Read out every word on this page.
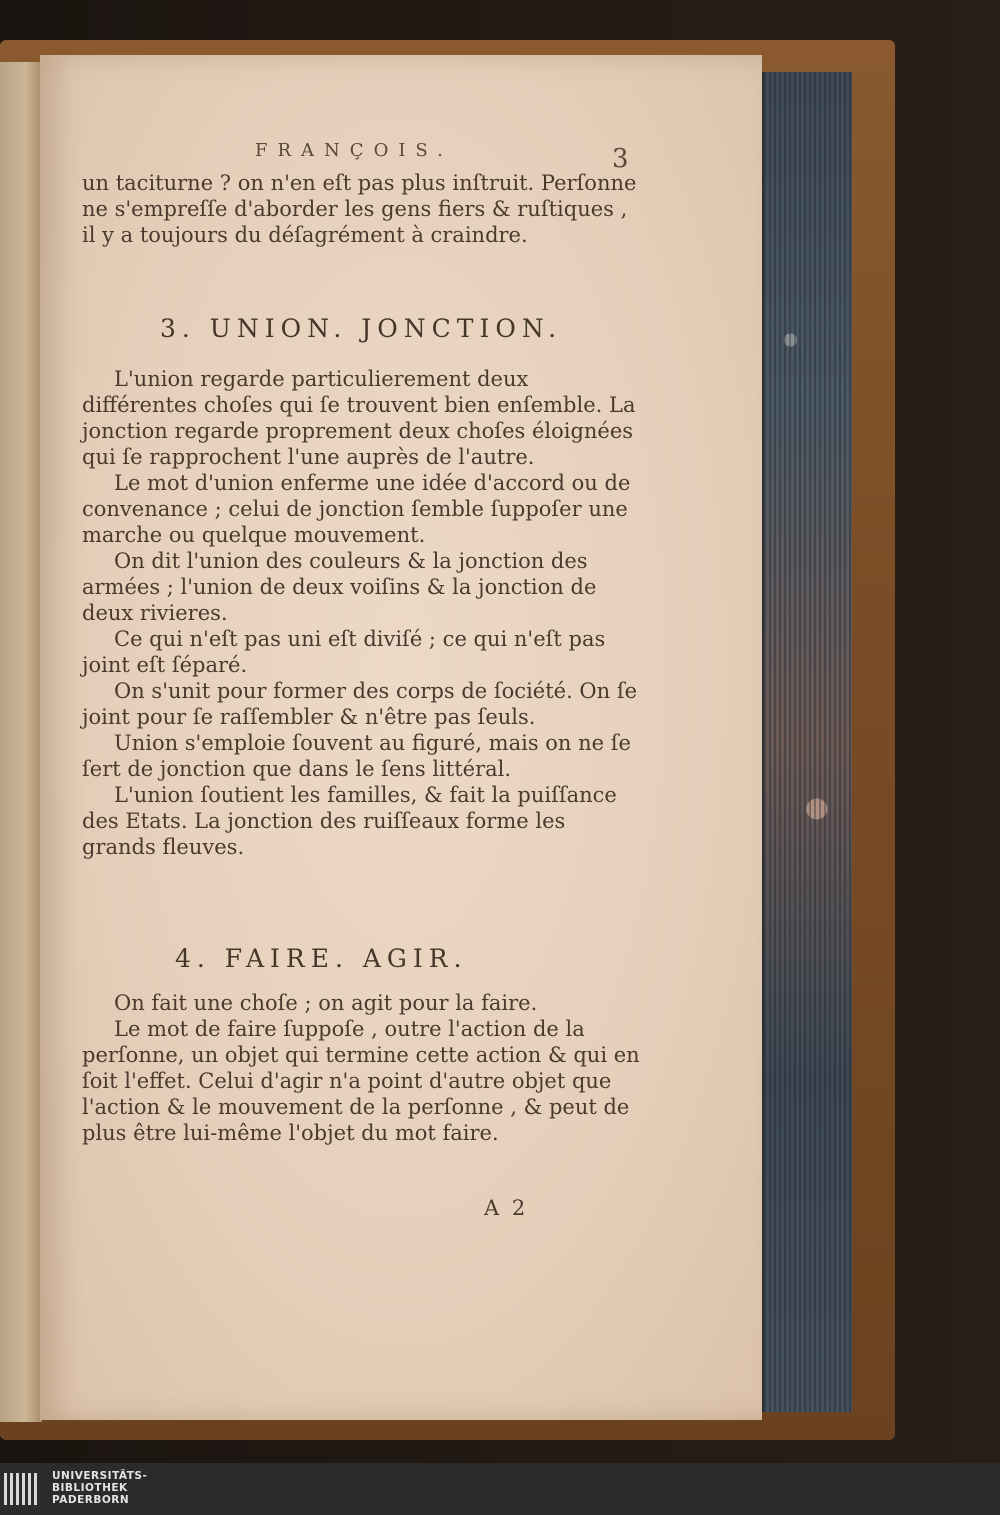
FRANÇOIS.	3

un taciturne ? on n'en eſt pas plus inſtruit. Perſonne ne s'empreſſe d'aborder les gens fiers & ruſtiques , il y a toujours du déſagrément à craindre.

3. UNION. JONCTION.

L'union regarde particulierement deux différentes choſes qui ſe trouvent bien enſemble. La jonction regarde proprement deux choſes éloignées qui ſe rapprochent l'une auprès de l'autre.

Le mot d'union enferme une idée d'accord ou de convenance ; celui de jonction ſemble ſuppoſer une marche ou quelque mouvement.

On dit l'union des couleurs & la jonction des armées ; l'union de deux voiſins & la jonction de deux rivieres.

Ce qui n'eſt pas uni eſt diviſé ; ce qui n'eſt pas joint eſt ſéparé.

On s'unit pour former des corps de ſociété. On ſe joint pour ſe raſſembler & n'être pas ſeuls.

Union s'emploie ſouvent au figuré, mais on ne ſe ſert de jonction que dans le ſens littéral.

L'union ſoutient les familles, & fait la puiſſance des Etats. La jonction des ruiſſeaux forme les grands fleuves.

4. FAIRE. AGIR.

On fait une choſe ; on agit pour la faire.

Le mot de faire ſuppoſe , outre l'action de la perſonne, un objet qui termine cette action & qui en ſoit l'effet. Celui d'agir n'a point d'autre objet que l'action & le mouvement de la perſonne , & peut de plus être lui-même l'objet du mot faire.

A 2
UNIVERSITÄTS-
BIBLIOTHEK
PADERBORN
